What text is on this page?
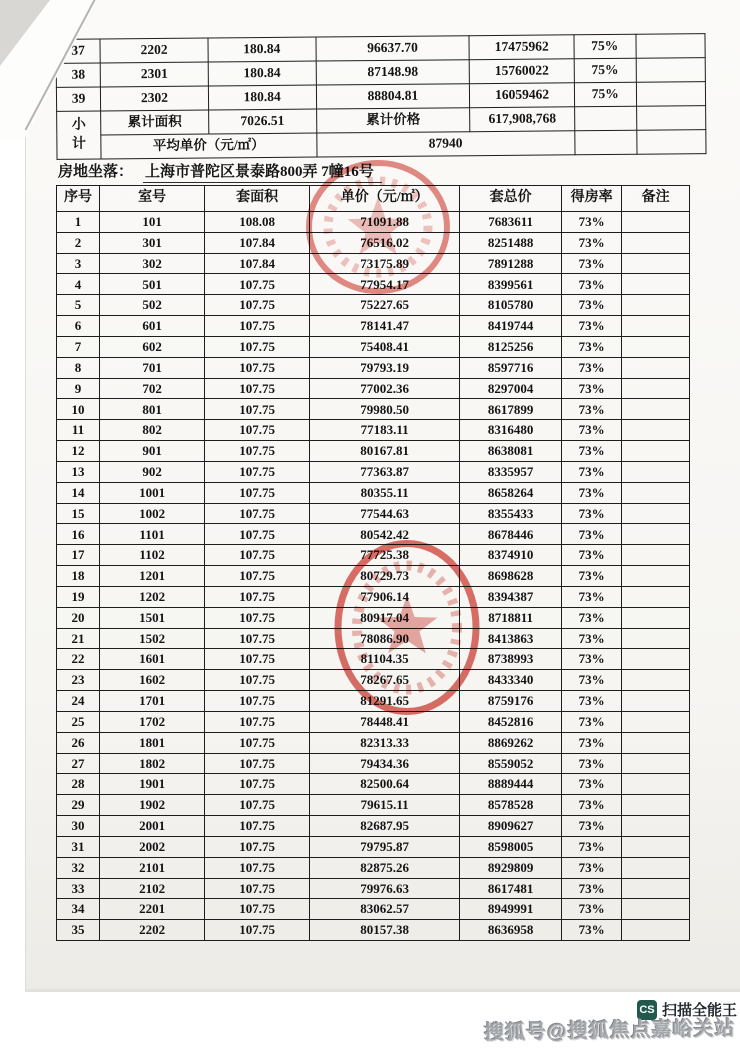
37	2202	180.84	96637.70	17475962	75%	
38	2301	180.84	87148.98	15760022	75%	
39	2302	180.84	88804.81	16059462	75%	

小计	累计面积	7026.51	累计价格	617,908,768		
	平均单价（元/㎡）		87940			
房地坐落： 上海市普陀区景泰路800弄 7幢16号
序号	室号	套面积	单价（元/㎡）	套总价	得房率	备注
1	101	108.08	71091.88	7683611	73%	
2	301	107.84	76516.02	8251488	73%	
3	302	107.84	73175.89	7891288	73%	
4	501	107.75	77954.17	8399561	73%	
5	502	107.75	75227.65	8105780	73%	
6	601	107.75	78141.47	8419744	73%	
7	602	107.75	75408.41	8125256	73%	
8	701	107.75	79793.19	8597716	73%	
9	702	107.75	77002.36	8297004	73%	
10	801	107.75	79980.50	8617899	73%	
11	802	107.75	77183.11	8316480	73%	
12	901	107.75	80167.81	8638081	73%	
13	902	107.75	77363.87	8335957	73%	
14	1001	107.75	80355.11	8658264	73%	
15	1002	107.75	77544.63	8355433	73%	
16	1101	107.75	80542.42	8678446	73%	
17	1102	107.75	77725.38	8374910	73%	
18	1201	107.75	80729.73	8698628	73%	
19	1202	107.75	77906.14	8394387	73%	
20	1501	107.75	80917.04	8718811	73%	
21	1502	107.75	78086.90	8413863	73%	
22	1601	107.75	81104.35	8738993	73%	
23	1602	107.75	78267.65	8433340	73%	
24	1701	107.75	81291.65	8759176	73%	
25	1702	107.75	78448.41	8452816	73%	
26	1801	107.75	82313.33	8869262	73%	
27	1802	107.75	79434.36	8559052	73%	
28	1901	107.75	82500.64	8889444	73%	
29	1902	107.75	79615.11	8578528	73%	
30	2001	107.75	82687.95	8909627	73%	
31	2002	107.75	79795.87	8598005	73%	
32	2101	107.75	82875.26	8929809	73%	
33	2102	107.75	79976.63	8617481	73%	
34	2201	107.75	83062.57	8949991	73%	
35	2202	107.75	80157.38	8636958	73%	
CS 扫描全能王
搜狐号@搜狐焦点嘉峪关站
